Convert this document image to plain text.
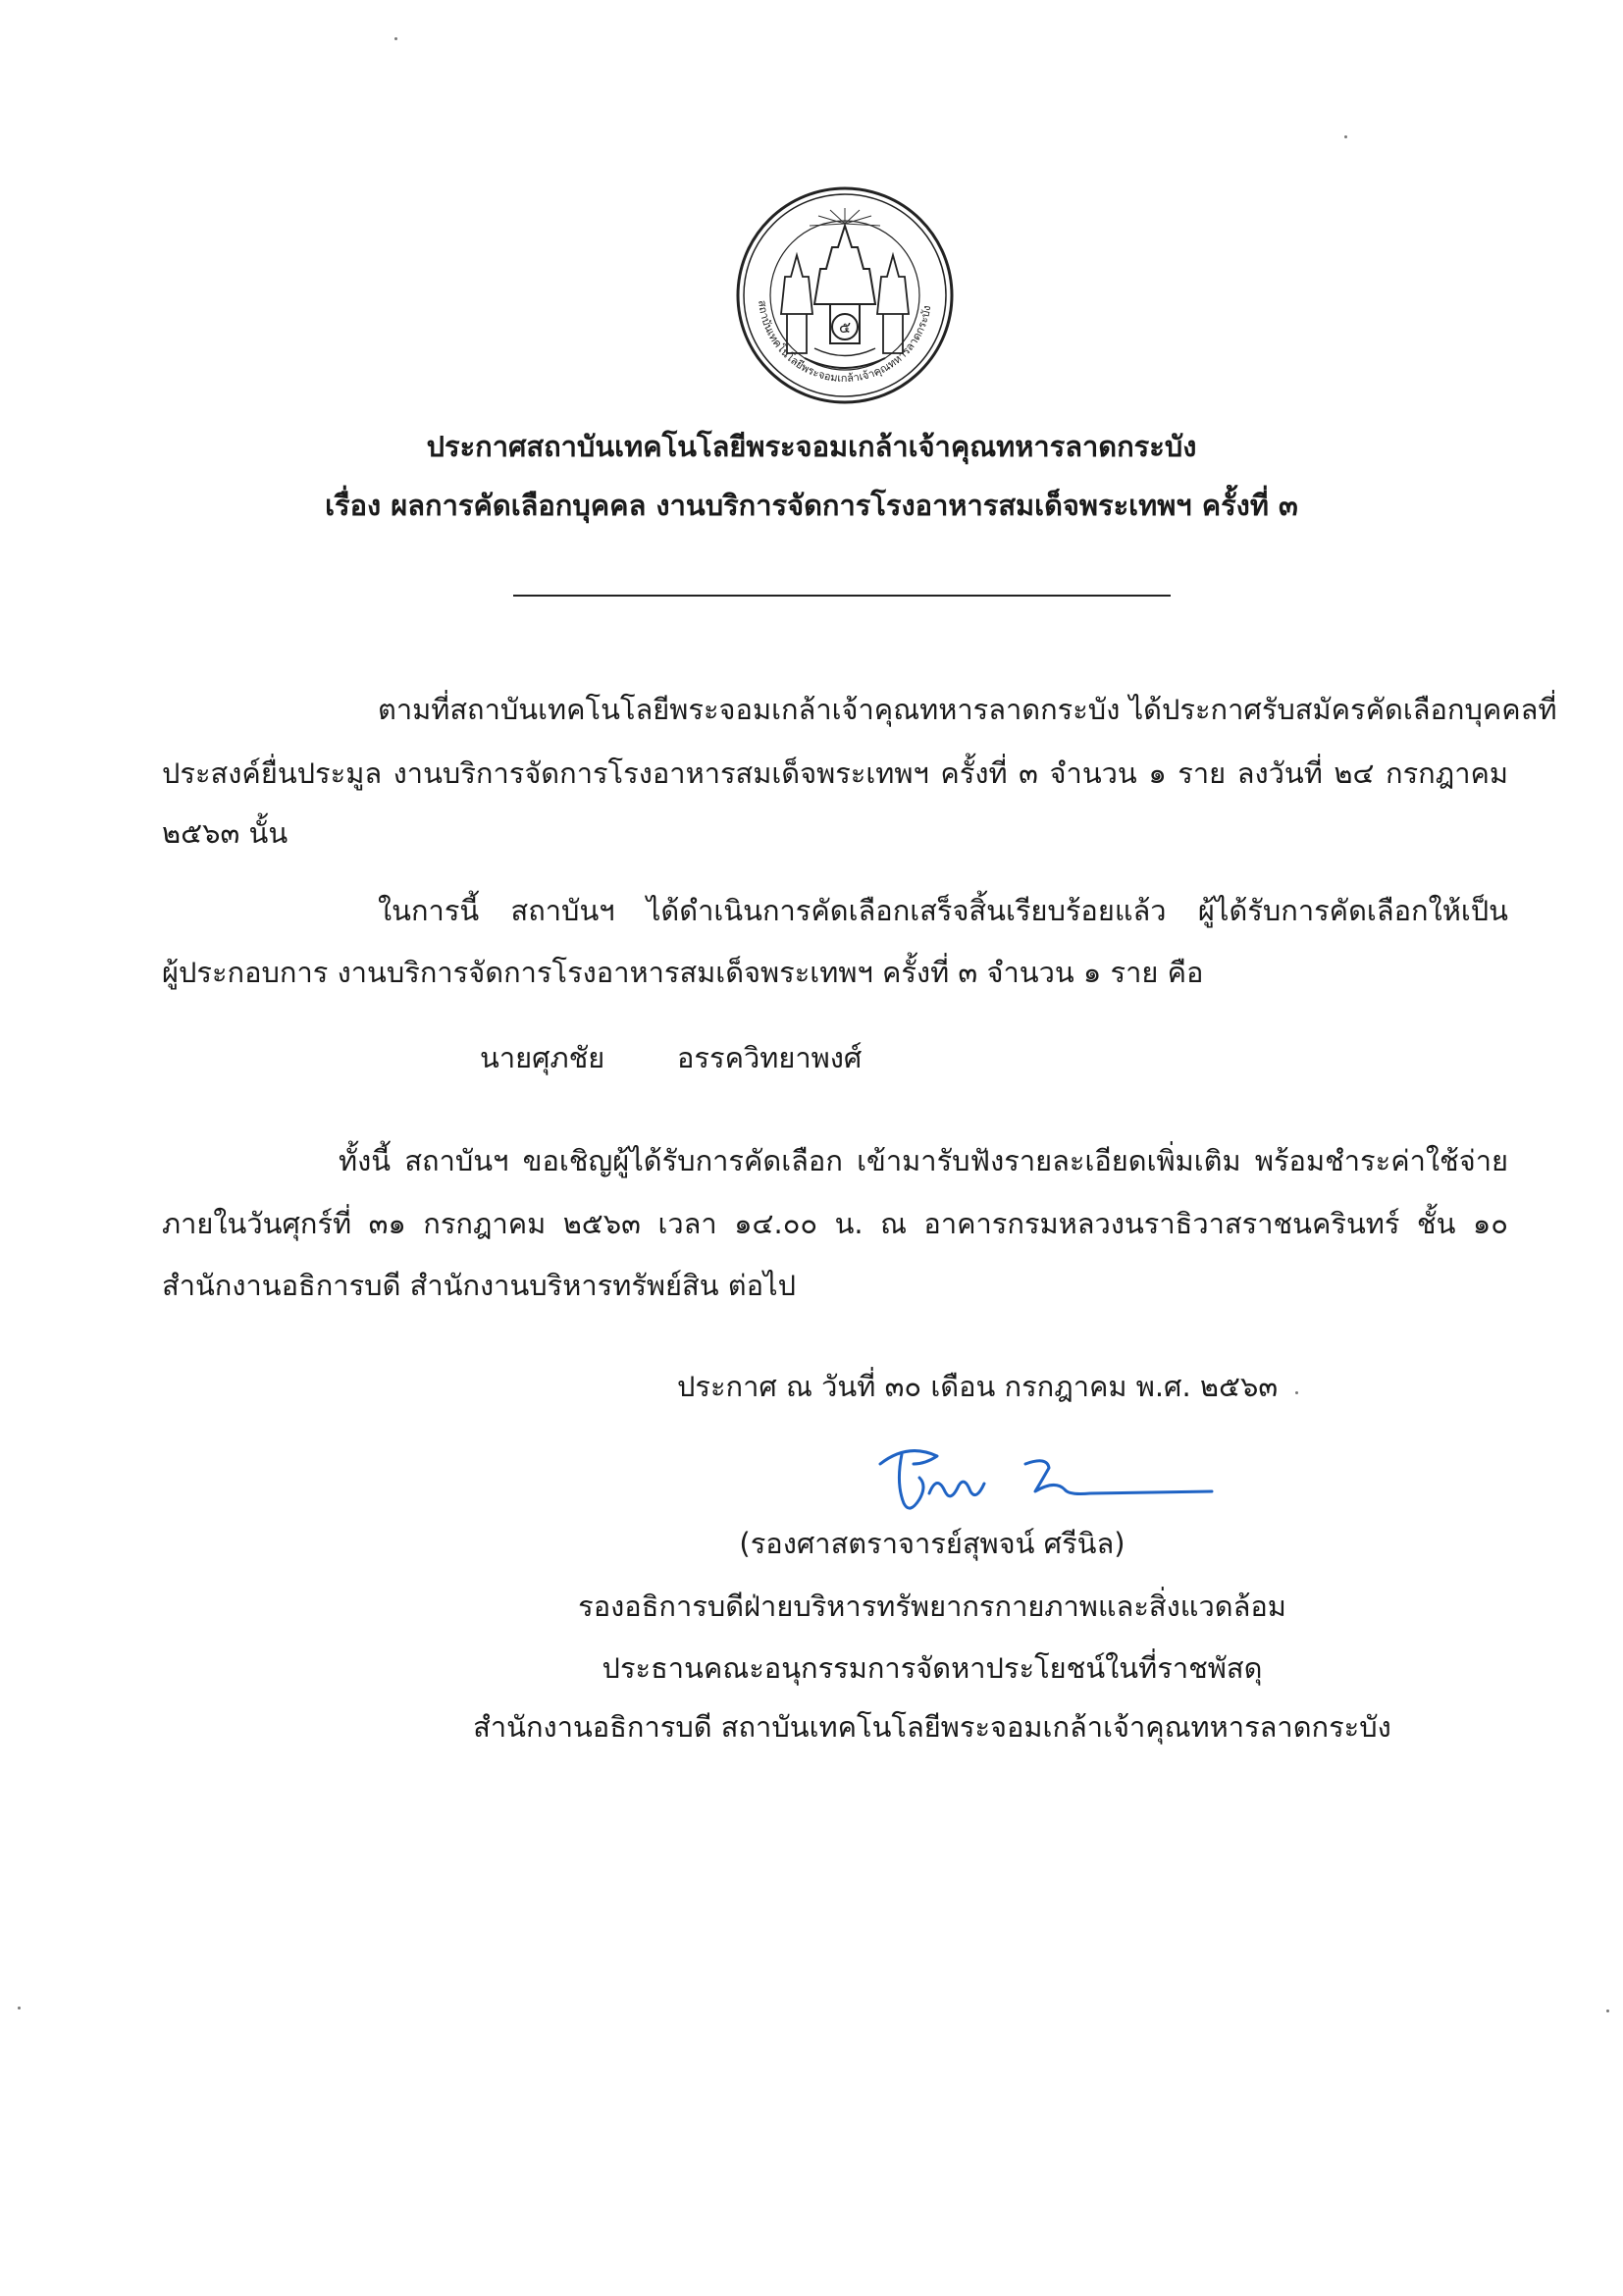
สถาบันเทคโนโลยีพระจอมเกล้าเจ้าคุณทหารลาดกระบัง
๕
ประกาศสถาบันเทคโนโลยีพระจอมเกล้าเจ้าคุณทหารลาดกระบัง
เรื่อง ผลการคัดเลือกบุคคล งานบริการจัดการโรงอาหารสมเด็จพระเทพฯ ครั้งที่ ๓
ตามที่สถาบันเทคโนโลยีพระจอมเกล้าเจ้าคุณทหารลาดกระบัง ได้ประกาศรับสมัครคัดเลือกบุคคลที่
ประสงค์ยื่นประมูล งานบริการจัดการโรงอาหารสมเด็จพระเทพฯ ครั้งที่ ๓ จำนวน ๑ ราย ลงวันที่ ๒๔ กรกฎาคม
๒๕๖๓ นั้น
ในการนี้ สถาบันฯ ได้ดำเนินการคัดเลือกเสร็จสิ้นเรียบร้อยแล้ว ผู้ได้รับการคัดเลือกให้เป็น
ผู้ประกอบการ งานบริการจัดการโรงอาหารสมเด็จพระเทพฯ ครั้งที่ ๓ จำนวน ๑ ราย คือ
นายศุภชัย	อรรควิทยาพงศ์
ทั้งนี้ สถาบันฯ ขอเชิญผู้ได้รับการคัดเลือก เข้ามารับฟังรายละเอียดเพิ่มเติม พร้อมชำระค่าใช้จ่าย
ภายในวันศุกร์ที่ ๓๑ กรกฎาคม ๒๕๖๓ เวลา ๑๔.๐๐ น. ณ อาคารกรมหลวงนราธิวาสราชนครินทร์ ชั้น ๑๐
สำนักงานอธิการบดี สำนักงานบริหารทรัพย์สิน ต่อไป
ประกาศ ณ วันที่ ๓๐ เดือน กรกฎาคม พ.ศ. ๒๕๖๓
(รองศาสตราจารย์สุพจน์ ศรีนิล)
รองอธิการบดีฝ่ายบริหารทรัพยากรกายภาพและสิ่งแวดล้อม
ประธานคณะอนุกรรมการจัดหาประโยชน์ในที่ราชพัสดุ
สำนักงานอธิการบดี สถาบันเทคโนโลยีพระจอมเกล้าเจ้าคุณทหารลาดกระบัง
